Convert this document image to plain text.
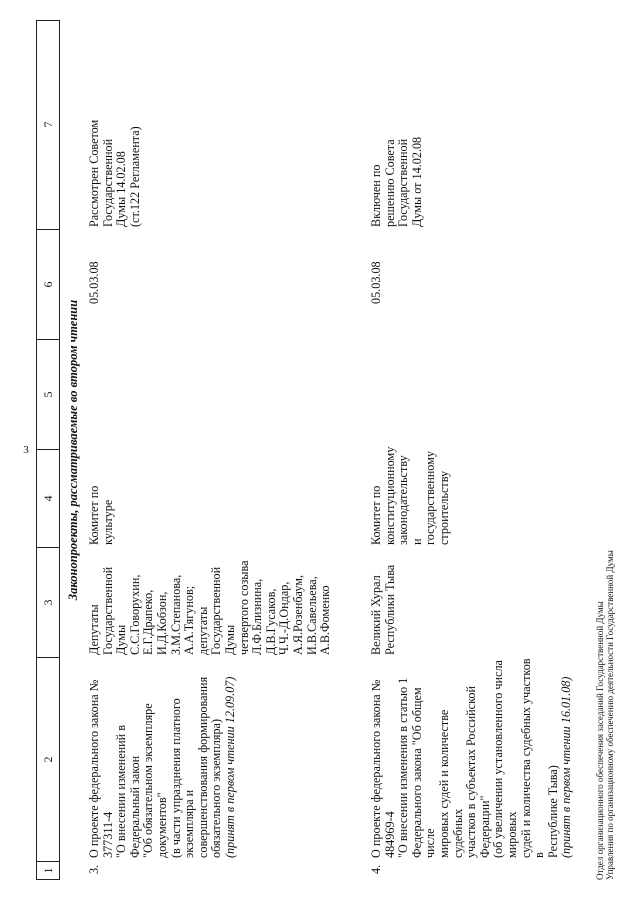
3
1
2
3
4
5
6
7
Законопроекты, рассматриваемые во втором чтении
3.
О проекте федерального закона № 377311-4 "О внесении изменений в Федеральный закон "Об обязательном экземпляре документов" (в части упразднения платного экземпляра и совершенствования формирования обязательного экземпляра) (принят в первом чтении 12.09.07)
Депутаты Государственной Думы С.С.Говорухин, Е.Г.Драпеко, И.Д.Кобзон, З.М.Степанова, А.А.Тягунов; депутаты Государственной Думы четвертого созыва Л.Ф.Близнина, Д.В.Гусаков, Ч.Ч.-Д.Ондар, А.Я.Розенбаум, И.В.Савельева, А.В.Фоменко
Комитет по культуре
05.03.08
Рассмотрен Советом Государственной Думы 14.02.08 (ст.122 Регламента)
4.
О проекте федерального закона № 484969-4 "О внесении изменения в статью 1 Федерального закона "Об общем числе мировых судей и количестве судебных участков в субъектах Российской Федерации" (об увеличении установленного числа мировых судей и количества судебных участков в Республике Тыва) (принят в первом чтении 16.01.08)
Великий Хурал Республики Тыва
Комитет по конституционному законодательству и государственному строительству
05.03.08
Включен по решению Совета Государственной Думы от 14.02.08
Отдел организационного обеспечения заседаний Государственной Думы Управления по организационному обеспечению деятельности Государственной Думы
